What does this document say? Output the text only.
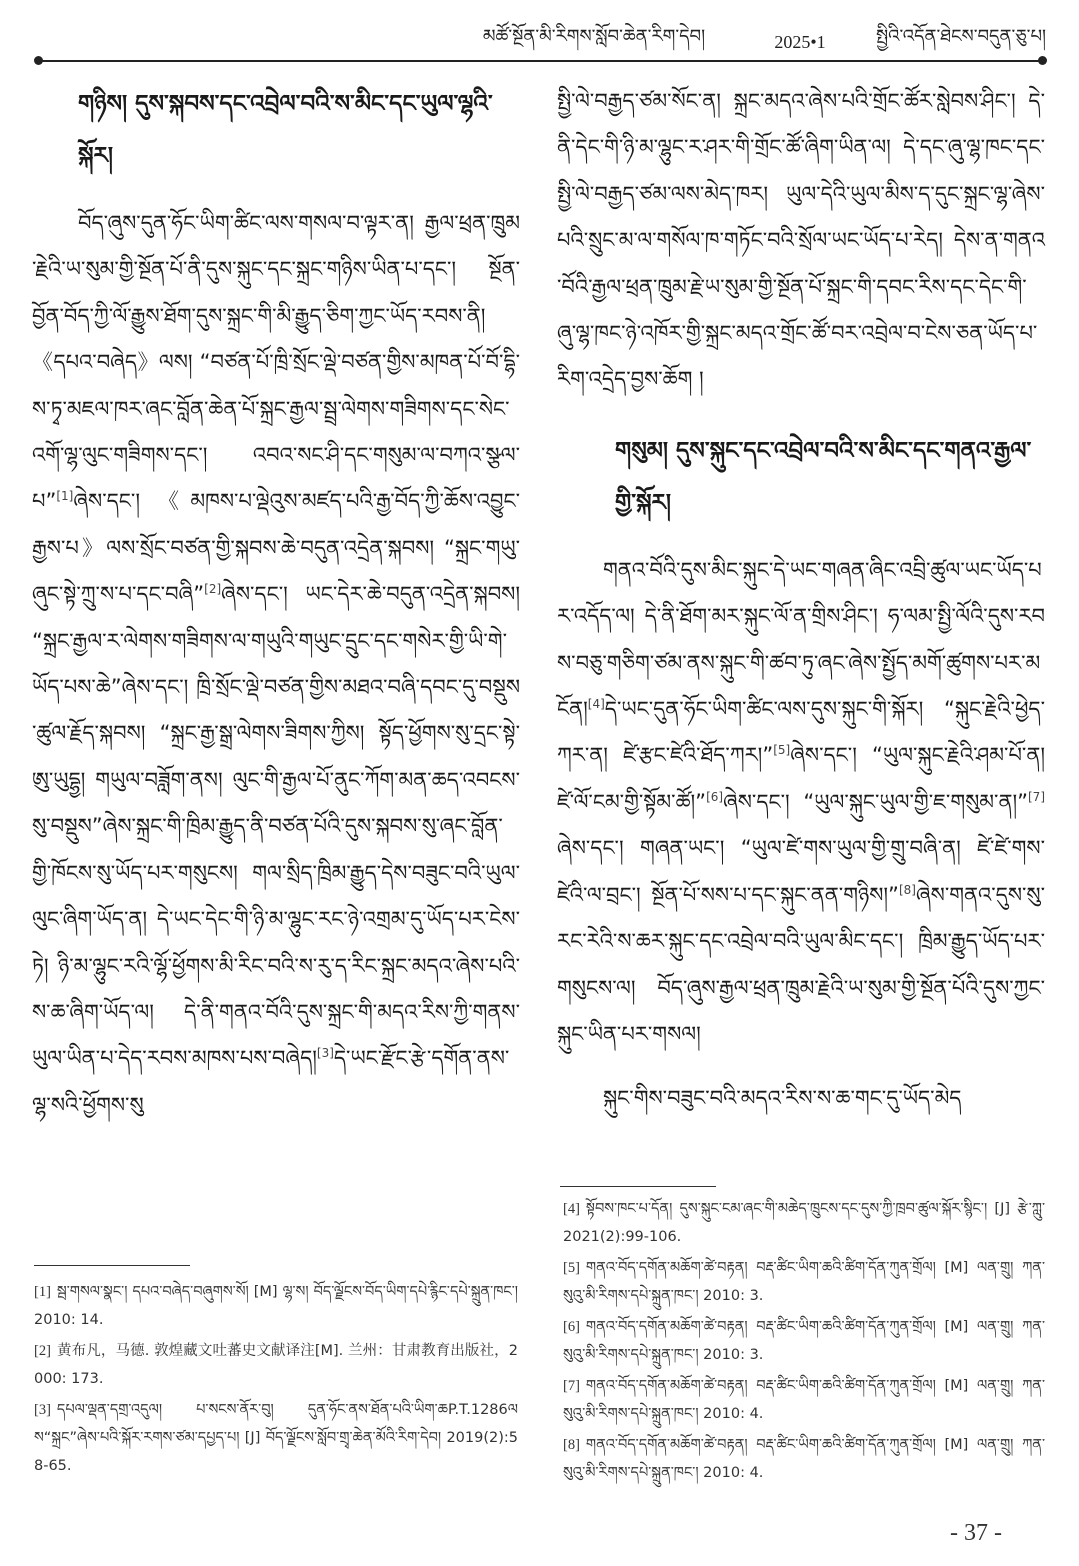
མཚོ་སྔོན་མི་རིགས་སློབ་ཆེན་རིག་དེབ།	2025•1	སྤྱིའི་འདོན་ཐེངས་བདུན་ཅུ་པ།
གཉིས། དུས་སྐབས་དང་འབྲེལ་བའི་ས་མིང་དང་ཡུལ་ལྷའི་སྐོར།

བོད་ཞུས་དུན་ཧོང་ཡིག་ཚིང་ལས་གསལ་བ་ལྟར་ན། རྒྱལ་ཕྲན་ཁྲུམ་རྗེའི་ཡ་སུམ་གྱི་སྔོན་པོ་ནི་དུས་སྐུང་དང་སྐྲང་གཉིས་ཡིན་པ་དང་། སྔོན་བྱོན་བོད་ཀྱི་ལོ་རྒྱུས་ཐོག་དུས་སྐྲང་གི་མི་རྒྱུད་ཅིག་ཀྱང་ཡོད་རབས་ནི། 《དཔའ་བཞེད》ལས། “བཙན་པོ་ཁྲི་སྲོང་ལྡེ་བཙན་གྱིས་མཁན་པོ་བོ་དྷི་ས་ཏྭ་མཇལ་ཁར་ཞང་བློན་ཆེན་པོ་སྐྲང་རྒྱལ་སྦྲ་ལེགས་གཟིགས་དང་སེང་འགོ་ལྷ་ལུང་གཟིགས་དང་། འབའ་སང་ཤི་དང་གསུམ་ལ་བཀའ་སྩལ་པ”[1]ཞེས་དང་། 《མཁས་པ་ལྡེའུས་མཛད་པའི་རྒྱ་བོད་ཀྱི་ཆོས་འབྱུང་རྒྱས་པ》ལས་སྲོང་བཙན་གྱི་སྐབས་ཆེ་བདུན་འདྲེན་སྐབས། “སྐྲང་གཡུ་ཞུང་སྟེ་ཀྲུ་ས་པ་དང་བཞི”[2]ཞེས་དང་། ཡང་དེར་ཆེ་བདུན་འདྲེན་སྐབས། “སྐྲང་རྒྱལ་ར་ལེགས་གཟིགས་ལ་གཡུའི་གཡུང་དྲུང་དང་གསེར་གྱི་ཡི་གེ་ཡོད་པས་ཆེ”ཞེས་དང་། ཁྲི་སྲོང་ལྡེ་བཙན་གྱིས་མཐའ་བཞི་དབང་དུ་བསྡུས་ཚུལ་རྗོད་སྐབས། “སྐྲང་རྒྱ་སྒྲ་ལེགས་ཟིགས་ཀྱིས། སྟོད་ཕྱོགས་སུ་དྲང་སྟེ་ཨུ་ཡུདྷྱ། གཡུལ་བཟློག་ནས། ལུང་གི་རྒྱལ་པོ་ནུང་ཀོག་མན་ཆད་འབངས་སུ་བསྡུས”ཞེས་སྐྲང་གི་ཁྲིམ་རྒྱུད་ནི་བཙན་པོའི་དུས་སྐབས་སུ་ཞང་བློན་གྱི་ཁོངས་སུ་ཡོད་པར་གསུངས། གལ་སྲིད་ཁྲིམ་རྒྱུད་དེས་བཟུང་བའི་ཡུལ་ལུང་ཞིག་ཡོད་ན། དེ་ཡང་དེང་གི་ཉི་མ་ལྷུང་རང་ཉེ་འགྲམ་དུ་ཡོད་པར་ངེས་ཏེ། ཉི་མ་ལྷུང་རའི་ལྷོ་ཕྱོགས་མི་རིང་བའི་ས་རུ་ད་རིང་སྐྲང་མདའ་ཞེས་པའི་ས་ཆ་ཞིག་ཡོད་ལ། དེ་ནི་གནའ་བོའི་དུས་སྐྲང་གི་མདའ་རིས་ཀྱི་གནས་ཡུལ་ཡིན་པ་དེད་རབས་མཁས་པས་བཞེད།[3]དེ་ཡང་རྫོང་རྩེ་དགོན་ནས་ལྷ་སའི་ཕྱོགས་སུ

[1] སྦ་གསལ་སྣང་། དཔའ་བཞེད་བཞུགས་སོ། [M] ལྷ་ས། བོད་ལྗོངས་བོད་ཡིག་དཔེ་རྙིང་དཔེ་སྐྲུན་ཁང་། 2010: 14.
[2] 黄布凡，马德. 敦煌藏文吐蕃史文献译注[M]. 兰州：甘肃教育出版社，2000: 173.
[3] དཔལ་ལྡན་དགྲ་འདུལ། པ་སངས་ནོར་བུ། དུན་ཧོང་ནས་ཐོན་པའི་ཡིག་ཆP.T.1286ལས“སྐྲང”ཞེས་པའི་སྐོར་རགས་ཙམ་དཔྱད་པ། [J] བོད་ལྗོངས་སློབ་གྲྭ་ཆེན་མོའི་རིག་དེབ། 2019(2):58-65.

སྤྱི་ལེ་བརྒྱད་ཙམ་སོང་ན། སྐྲང་མདའ་ཞེས་པའི་གྲོང་ཚོར་སླེབས་ཤིང་། དེ་ནི་དེང་གི་ཉི་མ་ལྷུང་ར་ཤར་གི་གྲོང་ཚོ་ཞིག་ཡིན་ལ། དེ་དང་ཞུ་ལྷ་ཁང་དང་སྤྱི་ལེ་བརྒྱད་ཙམ་ལས་མེད་ཁར། ཡུལ་དེའི་ཡུལ་མིས་ད་དུང་སྐྲང་ལྷ་ཞེས་པའི་སྲུང་མ་ལ་གསོལ་ཁ་གཏོང་བའི་སྲོལ་ཡང་ཡོད་པ་རེད། དེས་ན་གནའ་བོའི་རྒྱལ་ཕྲན་ཁྲུམ་རྗེ་ཡ་སུམ་གྱི་སྔོན་པོ་སྐྲང་གི་དབང་རིས་དང་དེང་གི་ཞུ་ལྷ་ཁང་ཉེ་འཁོར་གྱི་སྐྲང་མདའ་གྲོང་ཚོ་བར་འབྲེལ་བ་ངེས་ཅན་ཡོད་པ་རིག་འདྲེད་བྱས་ཆོག །

གསུམ། དུས་སྐུང་དང་འབྲེལ་བའི་ས་མིང་དང་གནའ་རྒྱལ་གྱི་སྐོར།

གནའ་བོའི་དུས་མིང་སྐུང་དེ་ཡང་གཞན་ཞིང་འབྲི་ཚུལ་ཡང་ཡོད་པར་འདོད་ལ། དེ་ནི་ཐོག་མར་སྐུང་ལོ་ན་གྲིས་ཤིང་། ཧ་ལམ་སྤྱི་ལོའི་དུས་རབས་བཅུ་གཅིག་ཙམ་ནས་སྐུང་གི་ཚབ་ཏུ་ཞང་ཞེས་སྤྱོད་མགོ་ཚུགས་པར་མངོན།[4]དེ་ཡང་དུན་ཧོང་ཡིག་ཚིང་ལས་དུས་སྐུང་གི་སྐོར། “སྐུང་རྗེའི་ཕྱེད་ཀར་ན། ཛེ་རྩང་ཛེའི་ཐོད་ཀར།”[5]ཞེས་དང་། “ཡུལ་སྐུང་རྗེའི་ཤམ་པོ་ན། ཛེ་ལོ་ངམ་གྱི་སྟོམ་ཚོ།”[6]ཞེས་དང་། “ཡུལ་སྐུང་ཡུལ་གྱི་ཇ་གསུམ་ན།”[7]ཞེས་དང་། གཞན་ཡང་། “ཡུལ་ཛེ་གས་ཡུལ་གྱི་གྲུ་བཞི་ན། ཛེ་ཛེ་གས་ཛེའི་ལ་བྲང་། སྔོན་པོ་སས་པ་དང་སྐུང་ནན་གཉིས།”[8]ཞེས་གནའ་དུས་སུ་རང་རེའི་ས་ཆར་སྐུང་དང་འབྲེལ་བའི་ཡུལ་མིང་དང་། ཁྲིམ་རྒྱུད་ཡོད་པར་གསུངས་ལ། བོད་ཞུས་རྒྱལ་ཕྲན་ཁྲུམ་རྗེའི་ཡ་སུམ་གྱི་སྔོན་པོའི་དུས་ཀྱང་སྐུང་ཡིན་པར་གསལ།

སྐུང་གིས་བཟུང་བའི་མདའ་རིས་ས་ཆ་གང་དུ་ཡོད་མེད

[4] སྟོབས་ཁང་པ་དོན། དུས་སྐུང་ངམ་ཞང་གི་མཆེད་ཁྲུངས་དང་དུས་ཀྱི་ཁྲབ་ཚུལ་སྐོར་སྙིང་། [J] རྩེ་ཀླུ་ 2021(2):99-106.
[5] གནའ་བོད་དགོན་མཆོག་ཚེ་བརྟན། བརྡ་ཚིང་ཡིག་ཆའི་ཚིག་དོན་ཀུན་གྲོལ། [M] ལན་གྲུ། ཀན་སུའུ་མི་རིགས་དཔེ་སྐྲུན་ཁང་། 2010: 3.
[6] གནའ་བོད་དགོན་མཆོག་ཚེ་བརྟན། བརྡ་ཚིང་ཡིག་ཆའི་ཚིག་དོན་ཀུན་གྲོལ། [M] ལན་གྲུ། ཀན་སུའུ་མི་རིགས་དཔེ་སྐྲུན་ཁང་། 2010: 3.
[7] གནའ་བོད་དགོན་མཆོག་ཚེ་བརྟན། བརྡ་ཚིང་ཡིག་ཆའི་ཚིག་དོན་ཀུན་གྲོལ། [M] ལན་གྲུ། ཀན་སུའུ་མི་རིགས་དཔེ་སྐྲུན་ཁང་། 2010: 4.
[8] གནའ་བོད་དགོན་མཆོག་ཚེ་བརྟན། བརྡ་ཚིང་ཡིག་ཆའི་ཚིག་དོན་ཀུན་གྲོལ། [M] ལན་གྲུ། ཀན་སུའུ་མི་རིགས་དཔེ་སྐྲུན་ཁང་། 2010: 4.
- 37 -
